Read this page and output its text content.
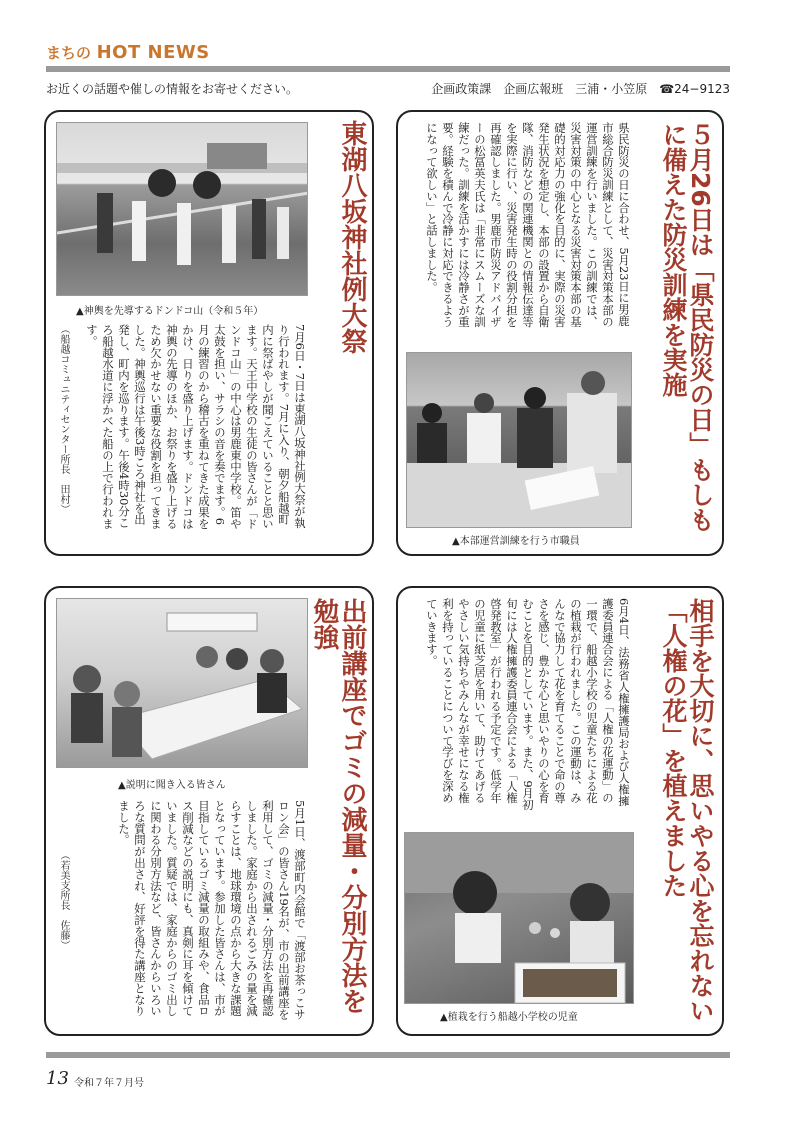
まちの HOT NEWS
お近くの話題や催しの情報をお寄せください。	企画政策課　企画広報班　三浦・小笠原　☎24−9123
東湖八坂神社例大祭
▲神輿を先導するドンドコ山（令和５年）
7月6日・7日は東湖八坂神社例大祭が執り行われます。7月に入り、朝夕船越町内に祭ばやしが聞こえていることと思います。天王中学校の生徒の皆さんが「ドンドコ山」の中心は男鹿東中学校。笛や太鼓を担い、サラシの音を奏でます。6月の練習のから稽古を重ねてきた成果をかけ、日りを盛り上げます。ドンドコは神輿の先導のほか、お祭りを盛り上げるため欠かせない重要な役割を担ってきました。神輿巡行は午後3時ころ神社を出発し、町内を巡ります。午後4時30分ころ船越水道に浮かべた船の上で行われます。
（船越コミュニティセンター所長　田村）	５月26日は「県民防災の日」もしもに備えた防災訓練を実施
県民防災の日に合わせ、5月23日に男鹿市総合防災訓練として、災害対策本部の運営訓練を行いました。この訓練では、災害対策の中心となる災害対策本部の基礎的対応力の強化を目的に、実際の災害発生状況を想定し、本部の設置から自衛隊、消防などの関連機関との情報伝達等を実際に行い、災害発生時の役割分担を再確認しました。男鹿市防災アドバイザーの松冨英夫氏は「非常にスムーズな訓練だった。訓練を活かすには冷静さが重要。経験を積んで冷静に対応できるようになって欲しい」と話しました。
▲本部運営訓練を行う市職員
出前講座でゴミの減量・分別方法を勉強
▲説明に聞き入る皆さん
5月1日、渡部町内会館で「渡部お茶っこサロン会」の皆さん19名が、市の出前講座を利用して、ゴミの減量・分別方法を再確認しました。家庭から出されるごみの量を減らすことは、地球環境の点から大きな課題となっています。参加した皆さんは、市が目指しているゴミ減量の取組みや、食品ロス削減などの説明にも、真剣に耳を傾けていました。質疑では、家庭からのゴミ出しに関わる分別方法など、皆さんからいろいろな質問が出され、好評を得た講座となりました。
（若美支所長　佐藤）	相手を大切に、思いやる心を忘れない「人権の花」を植えました
6月4日、法務省人権擁護局および人権擁護委員連合会による「人権の花運動」の一環で、船越小学校の児童たちによる花の植栽が行われました。この運動は、みんなで協力して花を育てることで命の尊さを感じ、豊かな心と思いやりの心を育むことを目的としています。また、9月初旬には人権擁護委員連合会による「人権啓発教室」が行われる予定です。低学年の児童に紙芝居を用いて、助けてあげるやさしい気持ちやみんなが幸せになる権利を持っていることについて学びを深めていきます。
▲植栽を行う船越小学校の児童
13 令和７年７月号
